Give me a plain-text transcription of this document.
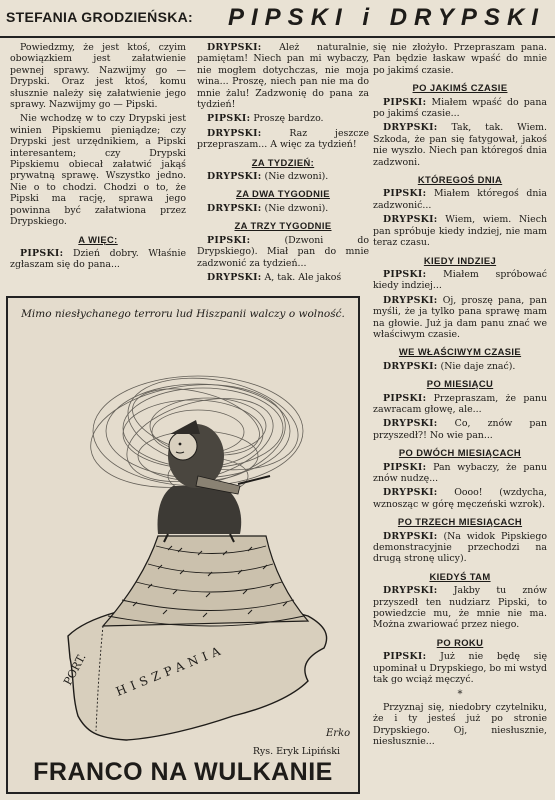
STEFANIA GRODZIEŃSKA: PIPSKI i DRYPSKI

Powiedzmy, że jest ktoś, czyim obowiązkiem jest załatwienie pewnej sprawy. Nazwijmy go — Drypski. Oraz jest ktoś, komu słusznie należy się załatwienie jego sprawy. Nazwijmy go — Pipski.

Nie wchodzę w to czy Drypski jest winien Pipskiemu pieniądze; czy Drypski jest urzędnikiem, a Pipski interesantem; czy Drypski Pipskiemu obiecał załatwić jakąś prywatną sprawę. Wszystko jedno. Nie o to chodzi. Chodzi o to, że Pipski ma rację, sprawa jego powinna być załatwiona przez Drypskiego.

A WIĘC:

PIPSKI: Dzień dobry. Właśnie zgłaszam się do pana...

DRYPSKI: Ależ naturalnie, pamiętam! Niech pan mi wybaczy, nie mogłem dotychczas, nie moja wina... Proszę, niech pan nie ma do mnie żalu! Zadzwonię do pana za tydzień!

PIPSKI: Proszę bardzo.

DRYPSKI:	Raz jeszcze przepraszam... A więc za tydzień!

ZA TYDZIEŃ:

DRYPSKI: (Nie dzwoni).

ZA DWA TYGODNIE

DRYPSKI: (Nie dzwoni).

ZA TRZY TYGODNIE

PIPSKI:	(Dzwoni do Drypskiego). Miał pan do mnie zadzwonić za tydzień...

DRYPSKI: A, tak. Ale jakoś

się nie złożyło. Przepraszam pana. Pan będzie łaskaw wpaść do mnie po jakimś czasie.

PO JAKIMŚ CZASIE

PIPSKI: Miałem wpaść do pana po jakimś czasie...

DRYPSKI: Tak, tak. Wiem. Szkoda, że pan się fatygował, jakoś nie wyszło. Niech pan któregoś dnia zadzwoni.

KTÓREGOŚ DNIA

PIPSKI: Miałem któregoś dnia zadzwonić...

DRYPSKI: Wiem, wiem. Niech pan spróbuje kiedy indziej, nie mam teraz czasu.

KIEDY INDZIEJ

PIPSKI: Miałem spróbować kiedy indziej...

DRYPSKI: Oj, proszę pana, pan myśli, że ja tylko pana sprawę mam na głowie. Już ja dam panu znać we właściwym czasie.

WE WŁAŚCIWYM CZASIE

DRYPSKI: (Nie daje znać).

PO MIESIĄCU

PIPSKI: Przepraszam, że panu zawracam głowę, ale...

DRYPSKI: Co, znów pan przyszedł?! No wie pan...

PO DWÓCH MIESIĄCACH

PIPSKI: Pan wybaczy, że panu znów nudzę...

DRYPSKI: Oooo! (wzdycha, wznosząc w górę męczeński wzrok).

PO TRZECH MIESIĄCACH

DRYPSKI: (Na widok Pipskiego demonstracyjnie przechodzi na drugą stronę ulicy).

KIEDYŚ TAM

DRYPSKI: Jakby tu znów przyszedł ten nudziarz Pipski, to powiedzcie mu, że mnie nie ma. Można zwariować przez niego.

PO ROKU

PIPSKI: Już nie będę się upominał u Drypskiego, bo mi wstyd tak go wciąż męczyć.

*

Przyznaj się, niedobry czytelniku, że i ty jesteś już po stronie Drypskiego. Oj, niesłusznie, niesłusznie...

Mimo niesłychanego terroru lud Hiszpanii walczy o wolność.
PORT. HISZPANIA
Erko
Rys. Eryk Lipiński
FRANCO NA WULKANIE
